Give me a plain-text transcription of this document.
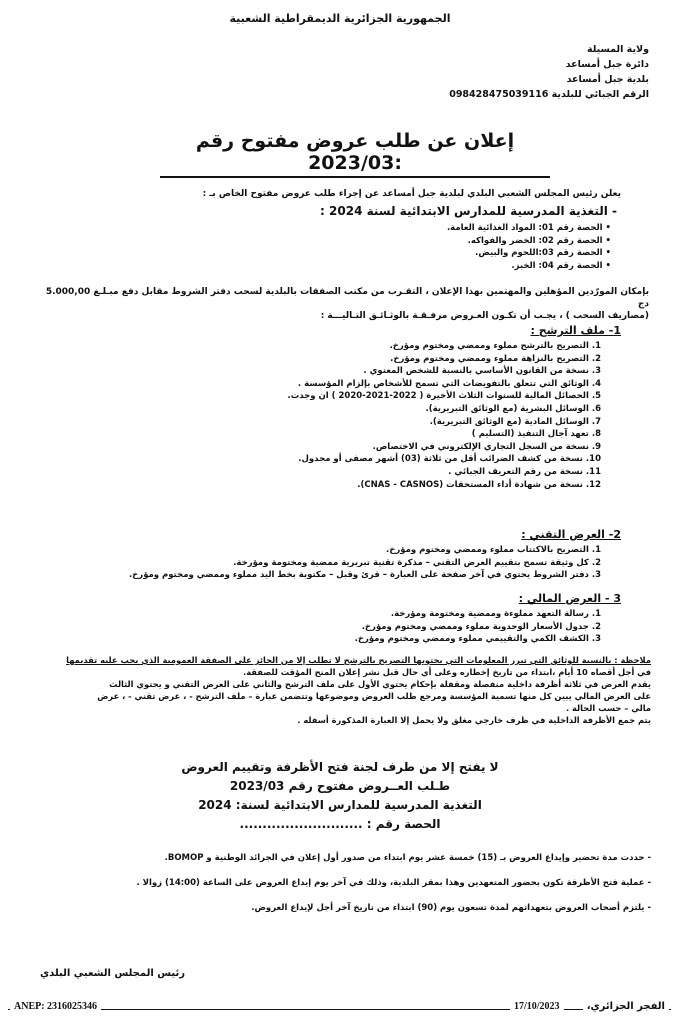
الجمهورية الجزائرية الديمقراطية الشعبية
ولاية المسيلة
دائرة جبل أمساعد
بلدية جبل أمساعد
الرقم الجبائي للبلدية 098428475039116
إعلان عن طلب عروض مفتوح رقم :2023/03
يعلن رئيس المجلس الشعبي البلدي لبلدية جبل أمساعد عن إجراء طلب عروض مفتوح الخاص بـ :
- التغذية المدرسية للمدارس الابتدائية لسنة 2024 :
• الحصة رقم 01: المواد الغذائية العامة.
• الحصة رقم 02: الخضر والفواكه.
• الحصة رقم 03:اللحوم والبيض.
• الحصة رقم 04: الخبز.
بإمكان المورّدين المؤهلين والمهتمين بهذا الإعلان ، التقـرب من مكتب الصفقات بالبلدية لسحب دفتر الشروط مقابل دفع مبـلـغ 5.000,00 دج
(مصاريف السحب ) ، يجـب أن تكـون العـروض مرفـقـة بالوثـائـق التـاليـــة :
1- ملف الترشح :
1. التصريح بالترشح مملوء وممضي ومختوم ومؤرخ.
2. التصريح بالنزاهة مملوء وممضي ومختوم ومؤرخ.
3. نسخة من القانون الأساسي بالنسبة للشخص المعنوي .
4. الوثائق التي تتعلق بالتفويضات التي تسمح للأشخاص بإلزام المؤسسة .
5. الحصائل المالية للسنوات الثلاث الأخيرة ( 2022-2021-2020 ) ان وجدت.
6. الوسائل البشرية (مع الوثائق التبريرية).
7. الوسائل المادية (مع الوثائق التبريرية).
8. تعهد آجال التنفيذ (التسليم )
9. نسخة من السجل التجاري الإلكتروني في الاختصاص.
10. نسخة من كشف الضرائب أقل من ثلاثة (03) أشهر مصفى أو مجدول.
11. نسخة من رقم التعريف الجبائي .
12. نسخة من شهادة أداء المستحقات (CNAS - CASNOS).
2- العرض التقني :
1. التصريح بالاكتتاب مملوء وممضي ومختوم ومؤرخ.
2. كل وثيقة تسمح بتقييم العرض التقني – مذكرة تقنية تبريرية ممضية ومختومة ومؤرخة.
3. دفتر الشروط يحتوي في آخر صفحة على العبارة – قرئ وقبل – مكتوبة بخط اليد مملوء وممضي ومختوم ومؤرخ.
3 - العرض المالي :
1. رسالة التعهد مملوءة وممضية ومختومة ومؤرخة.
2. جدول الأسعار الوحدوية مملوء وممضي ومختوم ومؤرخ.
3. الكشف الكمي والتقييمي مملوء وممضي ومختوم ومؤرخ.
ملاحظة : بالنسبة للوثائق التي تبرر المعلومات التي يحتويها التصريح بالترشح لا تطلب إلا من الحائز على الصفقة العمومية الذي يجب عليه تقديمها
في أجل أقصاه 10 أيام ،ابتداء من تاريخ إخطاره وعلى أي حال قبل نشر إعلان المنح المؤقت للصفقة.
يقدم العرض في ثلاثة أظرفة داخلية منفصلة ومقفلة بإحكام يحتوي الأول على ملف الترشح والثاني على العرض التقني و يحتوي الثالث
على العرض المالي يبين كل منها تسمية المؤسسة ومرجع طلب العروض وموضوعها وتتضمن عبارة – ملف الترشح - ، عرض تقني - ، عرض
مالي – حسب الحالة .
يتم جمع الأظرفة الداخلية في ظرف خارجي مغلق ولا يحمل إلا العبارة المذكورة أسفله .
لا يفتح إلا من طرف لجنة فتح الأظرفة وتقييم العروض
طـلب العــروض مفتوح رقم 2023/03
التغذية المدرسية للمدارس الابتدائية لسنة: 2024
الحصة رقم : ...........................
- حددت مدة تحضير وإيداع العروض بـ (15) خمسة عشر يوم ابتداء من صدور أول إعلان في الجرائد الوطنية و BOMOP.
- عملية فتح الأظرفة تكون بحضور المتعهدين وهذا بمقر البلدية، وذلك في آخر يوم إيداع العروض على الساعة (14:00) زوالا .
- يلتزم أصحاب العروض بتعهداتهم لمدة تسعون يوم (90) ابتداء من تاريخ آخر أجل لإيداع العروض.
رئيس المجلس الشعبي البلدي
ANEP: 2316025346	17/10/2023	الفجر الجزائري،
